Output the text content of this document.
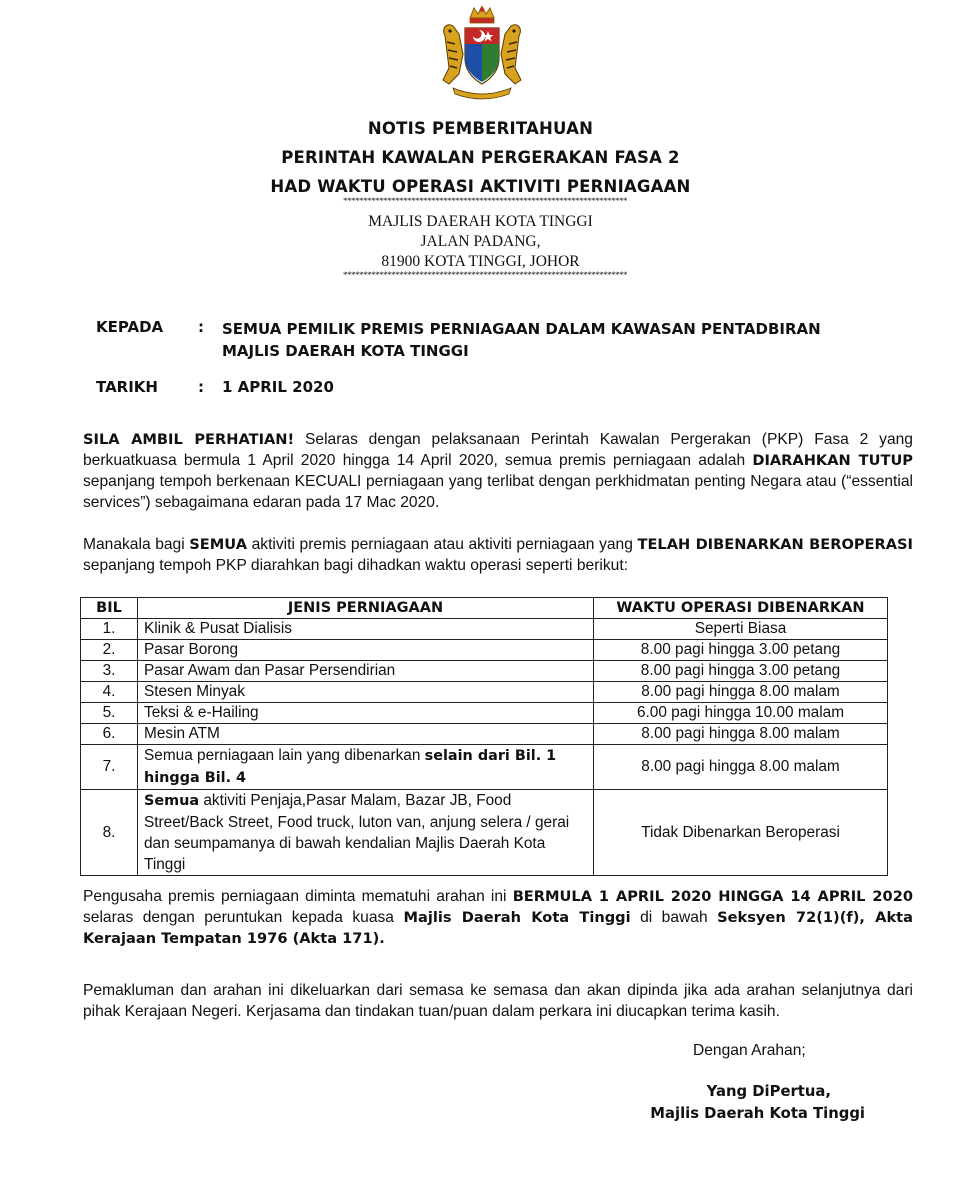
NOTIS PEMBERITAHUAN
PERINTAH KAWALAN PERGERAKAN FASA 2
HAD WAKTU OPERASI AKTIVITI PERNIAGAAN
***********************************************************************
MAJLIS DAERAH KOTA TINGGI
JALAN PADANG,
81900 KOTA TINGGI, JOHOR
***********************************************************************
KEPADA : SEMUA PEMILIK PREMIS PERNIAGAAN DALAM KAWASAN PENTADBIRAN
MAJLIS DAERAH KOTA TINGGI
TARIKH	: 1 APRIL 2020
SILA AMBIL PERHATIAN! Selaras dengan pelaksanaan Perintah Kawalan Pergerakan (PKP) Fasa 2 yang berkuatkuasa bermula 1 April 2020 hingga 14 April 2020, semua premis perniagaan adalah DIARAHKAN TUTUP sepanjang tempoh berkenaan KECUALI perniagaan yang terlibat dengan perkhidmatan penting Negara atau (“essential services”) sebagaimana edaran pada 17 Mac 2020.
Manakala bagi SEMUA aktiviti premis perniagaan atau aktiviti perniagaan yang TELAH DIBENARKAN BEROPERASI sepanjang tempoh PKP diarahkan bagi dihadkan waktu operasi seperti berikut:
BIL	JENIS PERNIAGAAN	WAKTU OPERASI DIBENARKAN
1.	Klinik & Pusat Dialisis	Seperti Biasa
2.	Pasar Borong	8.00 pagi hingga 3.00 petang
3.	Pasar Awam dan Pasar Persendirian	8.00 pagi hingga 3.00 petang
4.	Stesen Minyak	8.00 pagi hingga 8.00 malam
5.	Teksi & e-Hailing	6.00 pagi hingga 10.00 malam
6.	Mesin ATM	8.00 pagi hingga 8.00 malam
7.	Semua perniagaan lain yang dibenarkan selain dari Bil. 1 hingga Bil. 4	8.00 pagi hingga 8.00 malam
8.	Semua aktiviti Penjaja,Pasar Malam, Bazar JB, Food Street/Back Street, Food truck, luton van, anjung selera / gerai dan seumpamanya di bawah kendalian Majlis Daerah Kota Tinggi	Tidak Dibenarkan Beroperasi
Pengusaha premis perniagaan diminta mematuhi arahan ini BERMULA 1 APRIL 2020 HINGGA 14 APRIL 2020 selaras dengan peruntukan kepada kuasa Majlis Daerah Kota Tinggi di bawah Seksyen 72(1)(f), Akta Kerajaan Tempatan 1976 (Akta 171).
Pemakluman dan arahan ini dikeluarkan dari semasa ke semasa dan akan dipinda jika ada arahan selanjutnya dari pihak Kerajaan Negeri. Kerjasama dan tindakan tuan/puan dalam perkara ini diucapkan terima kasih.
Dengan Arahan;
Yang DiPertua,
Majlis Daerah Kota Tinggi
